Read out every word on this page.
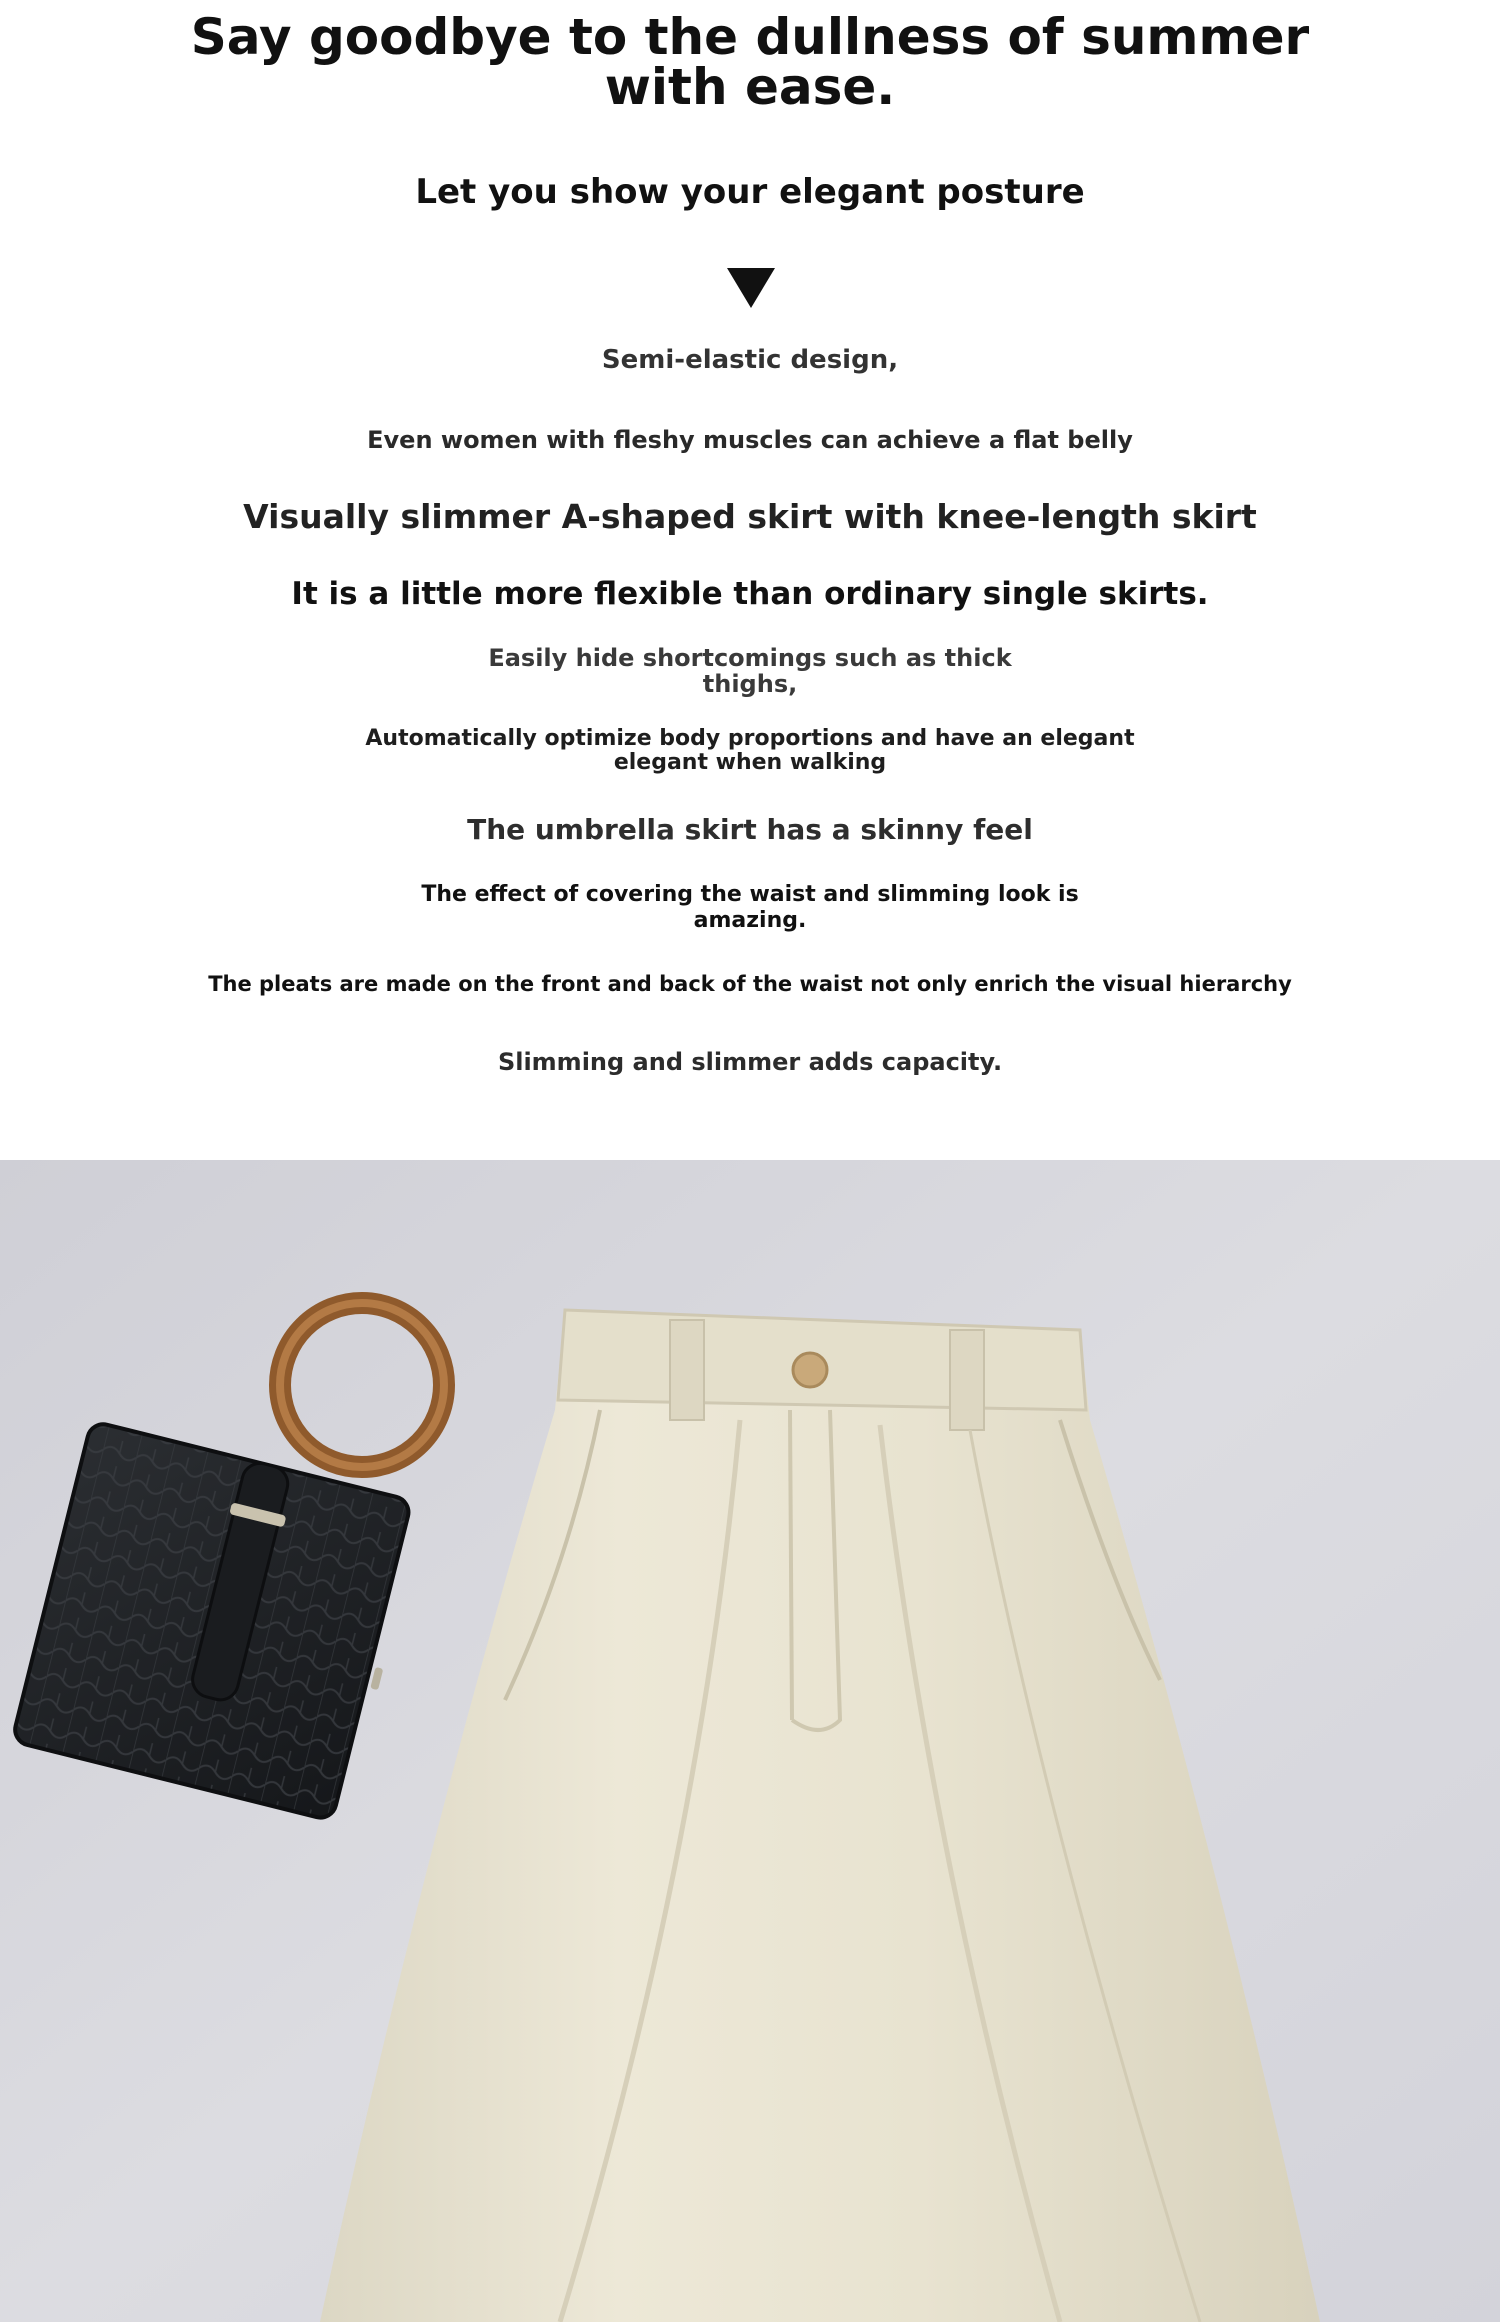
Say goodbye to the dullness of summer
with ease.
Let you show your elegant posture
Semi-elastic design,
Even women with fleshy muscles can achieve a flat belly
Visually slimmer A-shaped skirt with knee-length skirt
It is a little more flexible than ordinary single skirts.
Easily hide shortcomings such as thick
thighs,
Automatically optimize body proportions and have an elegant
elegant when walking
The umbrella skirt has a skinny feel
The effect of covering the waist and slimming look is
amazing.
The pleats are made on the front and back of the waist not only enrich the visual hierarchy
Slimming and slimmer adds capacity.
